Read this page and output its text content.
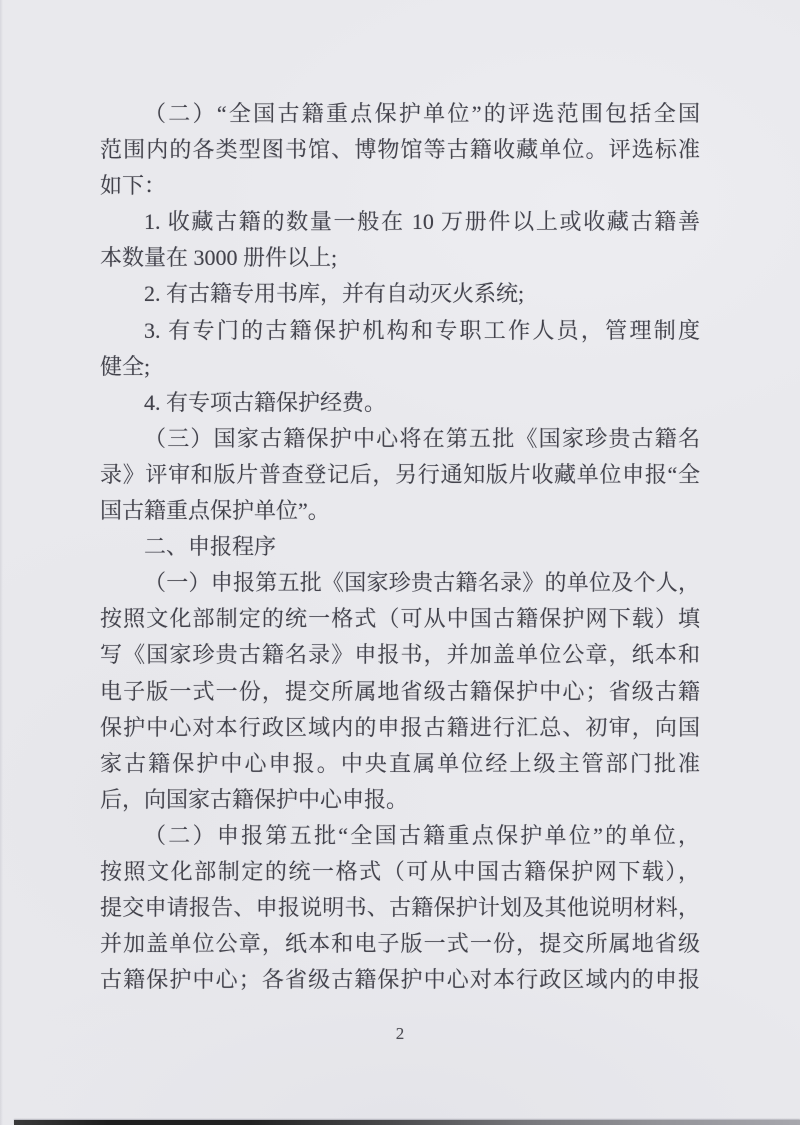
（二）“全国古籍重点保护单位”的评选范围包括全国
范围内的各类型图书馆、博物馆等古籍收藏单位。评选标准
如下：
1. 收藏古籍的数量一般在 10 万册件以上或收藏古籍善
本数量在 3000 册件以上;
2. 有古籍专用书库，并有自动灭火系统;
3. 有专门的古籍保护机构和专职工作人员，管理制度
健全;
4. 有专项古籍保护经费。
（三）国家古籍保护中心将在第五批《国家珍贵古籍名
录》评审和版片普查登记后，另行通知版片收藏单位申报“全
国古籍重点保护单位”。
二、申报程序
（一）申报第五批《国家珍贵古籍名录》的单位及个人，
按照文化部制定的统一格式（可从中国古籍保护网下载）填
写《国家珍贵古籍名录》申报书，并加盖单位公章，纸本和
电子版一式一份，提交所属地省级古籍保护中心；省级古籍
保护中心对本行政区域内的申报古籍进行汇总、初审，向国
家古籍保护中心申报。中央直属单位经上级主管部门批准
后，向国家古籍保护中心申报。
（二）申报第五批“全国古籍重点保护单位”的单位，
按照文化部制定的统一格式（可从中国古籍保护网下载），
提交申请报告、申报说明书、古籍保护计划及其他说明材料，
并加盖单位公章，纸本和电子版一式一份，提交所属地省级
古籍保护中心；各省级古籍保护中心对本行政区域内的申报
2
